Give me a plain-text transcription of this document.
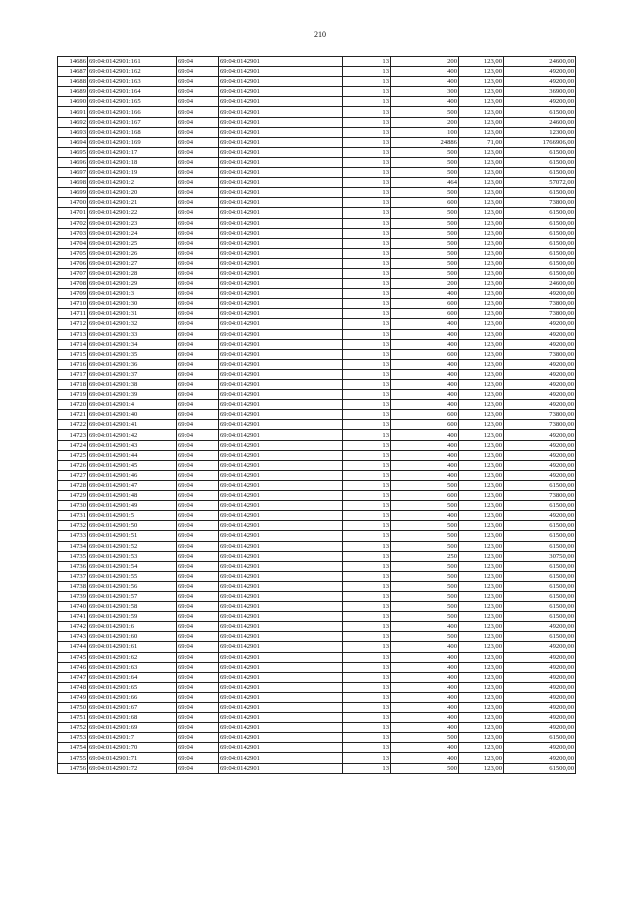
210
14686	69:04:0142901:161	69:04	69:04:0142901	13	200	123,00	24600,00
14687	69:04:0142901:162	69:04	69:04:0142901	13	400	123,00	49200,00
14688	69:04:0142901:163	69:04	69:04:0142901	13	400	123,00	49200,00
14689	69:04:0142901:164	69:04	69:04:0142901	13	300	123,00	36900,00
14690	69:04:0142901:165	69:04	69:04:0142901	13	400	123,00	49200,00
14691	69:04:0142901:166	69:04	69:04:0142901	13	500	123,00	61500,00
14692	69:04:0142901:167	69:04	69:04:0142901	13	200	123,00	24600,00
14693	69:04:0142901:168	69:04	69:04:0142901	13	100	123,00	12300,00
14694	69:04:0142901:169	69:04	69:04:0142901	13	24886	71,00	1766906,00
14695	69:04:0142901:17	69:04	69:04:0142901	13	500	123,00	61500,00
14696	69:04:0142901:18	69:04	69:04:0142901	13	500	123,00	61500,00
14697	69:04:0142901:19	69:04	69:04:0142901	13	500	123,00	61500,00
14698	69:04:0142901:2	69:04	69:04:0142901	13	464	123,00	57072,00
14699	69:04:0142901:20	69:04	69:04:0142901	13	500	123,00	61500,00
14700	69:04:0142901:21	69:04	69:04:0142901	13	600	123,00	73800,00
14701	69:04:0142901:22	69:04	69:04:0142901	13	500	123,00	61500,00
14702	69:04:0142901:23	69:04	69:04:0142901	13	500	123,00	61500,00
14703	69:04:0142901:24	69:04	69:04:0142901	13	500	123,00	61500,00
14704	69:04:0142901:25	69:04	69:04:0142901	13	500	123,00	61500,00
14705	69:04:0142901:26	69:04	69:04:0142901	13	500	123,00	61500,00
14706	69:04:0142901:27	69:04	69:04:0142901	13	500	123,00	61500,00
14707	69:04:0142901:28	69:04	69:04:0142901	13	500	123,00	61500,00
14708	69:04:0142901:29	69:04	69:04:0142901	13	200	123,00	24600,00
14709	69:04:0142901:3	69:04	69:04:0142901	13	400	123,00	49200,00
14710	69:04:0142901:30	69:04	69:04:0142901	13	600	123,00	73800,00
14711	69:04:0142901:31	69:04	69:04:0142901	13	600	123,00	73800,00
14712	69:04:0142901:32	69:04	69:04:0142901	13	400	123,00	49200,00
14713	69:04:0142901:33	69:04	69:04:0142901	13	400	123,00	49200,00
14714	69:04:0142901:34	69:04	69:04:0142901	13	400	123,00	49200,00
14715	69:04:0142901:35	69:04	69:04:0142901	13	600	123,00	73800,00
14716	69:04:0142901:36	69:04	69:04:0142901	13	400	123,00	49200,00
14717	69:04:0142901:37	69:04	69:04:0142901	13	400	123,00	49200,00
14718	69:04:0142901:38	69:04	69:04:0142901	13	400	123,00	49200,00
14719	69:04:0142901:39	69:04	69:04:0142901	13	400	123,00	49200,00
14720	69:04:0142901:4	69:04	69:04:0142901	13	400	123,00	49200,00
14721	69:04:0142901:40	69:04	69:04:0142901	13	600	123,00	73800,00
14722	69:04:0142901:41	69:04	69:04:0142901	13	600	123,00	73800,00
14723	69:04:0142901:42	69:04	69:04:0142901	13	400	123,00	49200,00
14724	69:04:0142901:43	69:04	69:04:0142901	13	400	123,00	49200,00
14725	69:04:0142901:44	69:04	69:04:0142901	13	400	123,00	49200,00
14726	69:04:0142901:45	69:04	69:04:0142901	13	400	123,00	49200,00
14727	69:04:0142901:46	69:04	69:04:0142901	13	400	123,00	49200,00
14728	69:04:0142901:47	69:04	69:04:0142901	13	500	123,00	61500,00
14729	69:04:0142901:48	69:04	69:04:0142901	13	600	123,00	73800,00
14730	69:04:0142901:49	69:04	69:04:0142901	13	500	123,00	61500,00
14731	69:04:0142901:5	69:04	69:04:0142901	13	400	123,00	49200,00
14732	69:04:0142901:50	69:04	69:04:0142901	13	500	123,00	61500,00
14733	69:04:0142901:51	69:04	69:04:0142901	13	500	123,00	61500,00
14734	69:04:0142901:52	69:04	69:04:0142901	13	500	123,00	61500,00
14735	69:04:0142901:53	69:04	69:04:0142901	13	250	123,00	30750,00
14736	69:04:0142901:54	69:04	69:04:0142901	13	500	123,00	61500,00
14737	69:04:0142901:55	69:04	69:04:0142901	13	500	123,00	61500,00
14738	69:04:0142901:56	69:04	69:04:0142901	13	500	123,00	61500,00
14739	69:04:0142901:57	69:04	69:04:0142901	13	500	123,00	61500,00
14740	69:04:0142901:58	69:04	69:04:0142901	13	500	123,00	61500,00
14741	69:04:0142901:59	69:04	69:04:0142901	13	500	123,00	61500,00
14742	69:04:0142901:6	69:04	69:04:0142901	13	400	123,00	49200,00
14743	69:04:0142901:60	69:04	69:04:0142901	13	500	123,00	61500,00
14744	69:04:0142901:61	69:04	69:04:0142901	13	400	123,00	49200,00
14745	69:04:0142901:62	69:04	69:04:0142901	13	400	123,00	49200,00
14746	69:04:0142901:63	69:04	69:04:0142901	13	400	123,00	49200,00
14747	69:04:0142901:64	69:04	69:04:0142901	13	400	123,00	49200,00
14748	69:04:0142901:65	69:04	69:04:0142901	13	400	123,00	49200,00
14749	69:04:0142901:66	69:04	69:04:0142901	13	400	123,00	49200,00
14750	69:04:0142901:67	69:04	69:04:0142901	13	400	123,00	49200,00
14751	69:04:0142901:68	69:04	69:04:0142901	13	400	123,00	49200,00
14752	69:04:0142901:69	69:04	69:04:0142901	13	400	123,00	49200,00
14753	69:04:0142901:7	69:04	69:04:0142901	13	500	123,00	61500,00
14754	69:04:0142901:70	69:04	69:04:0142901	13	400	123,00	49200,00
14755	69:04:0142901:71	69:04	69:04:0142901	13	400	123,00	49200,00
14756	69:04:0142901:72	69:04	69:04:0142901	13	500	123,00	61500,00
